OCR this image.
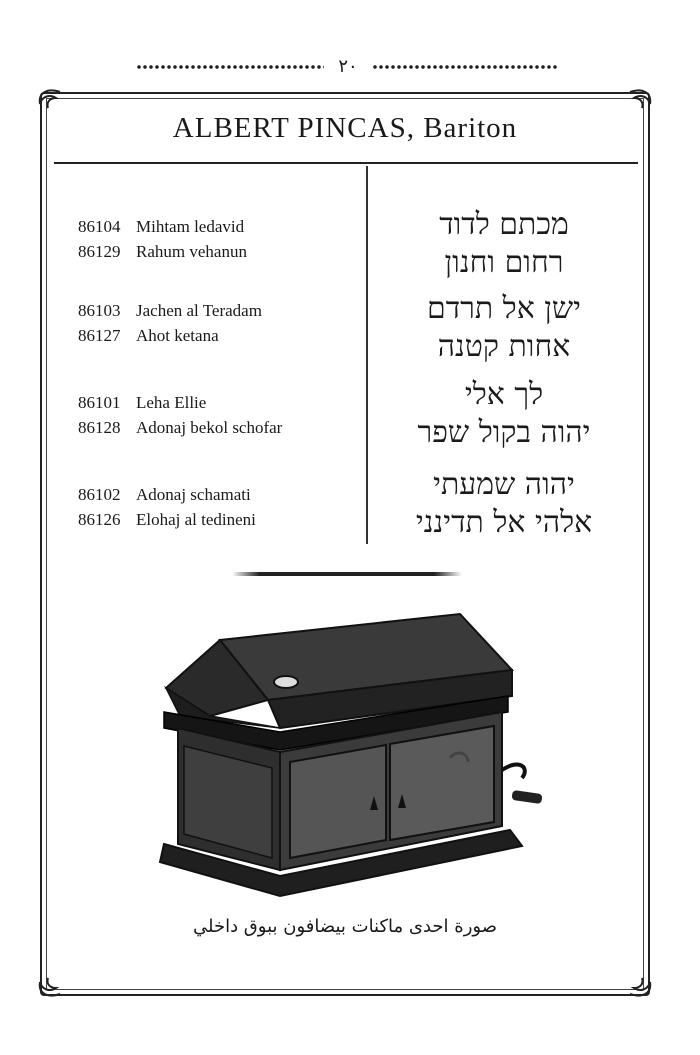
۲۰
ALBERT PINCAS, Bariton
86104 Mihtam ledavid
86129 Rahum vehanun
86103 Jachen al Teradam
86127 Ahot ketana
86101 Leha Ellie
86128 Adonaj bekol schofar
86102 Adonaj schamati
86126 Elohaj al tedineni
מכתם לדוד
רחום וחנון
ישן אל תרדם
אחות קטנה
לך אלי
יהוה בקול שפר
יהוה שמעתי
אלהי אל תדינני
صورة احدى ماكنات بيضافون ببوق داخلي
